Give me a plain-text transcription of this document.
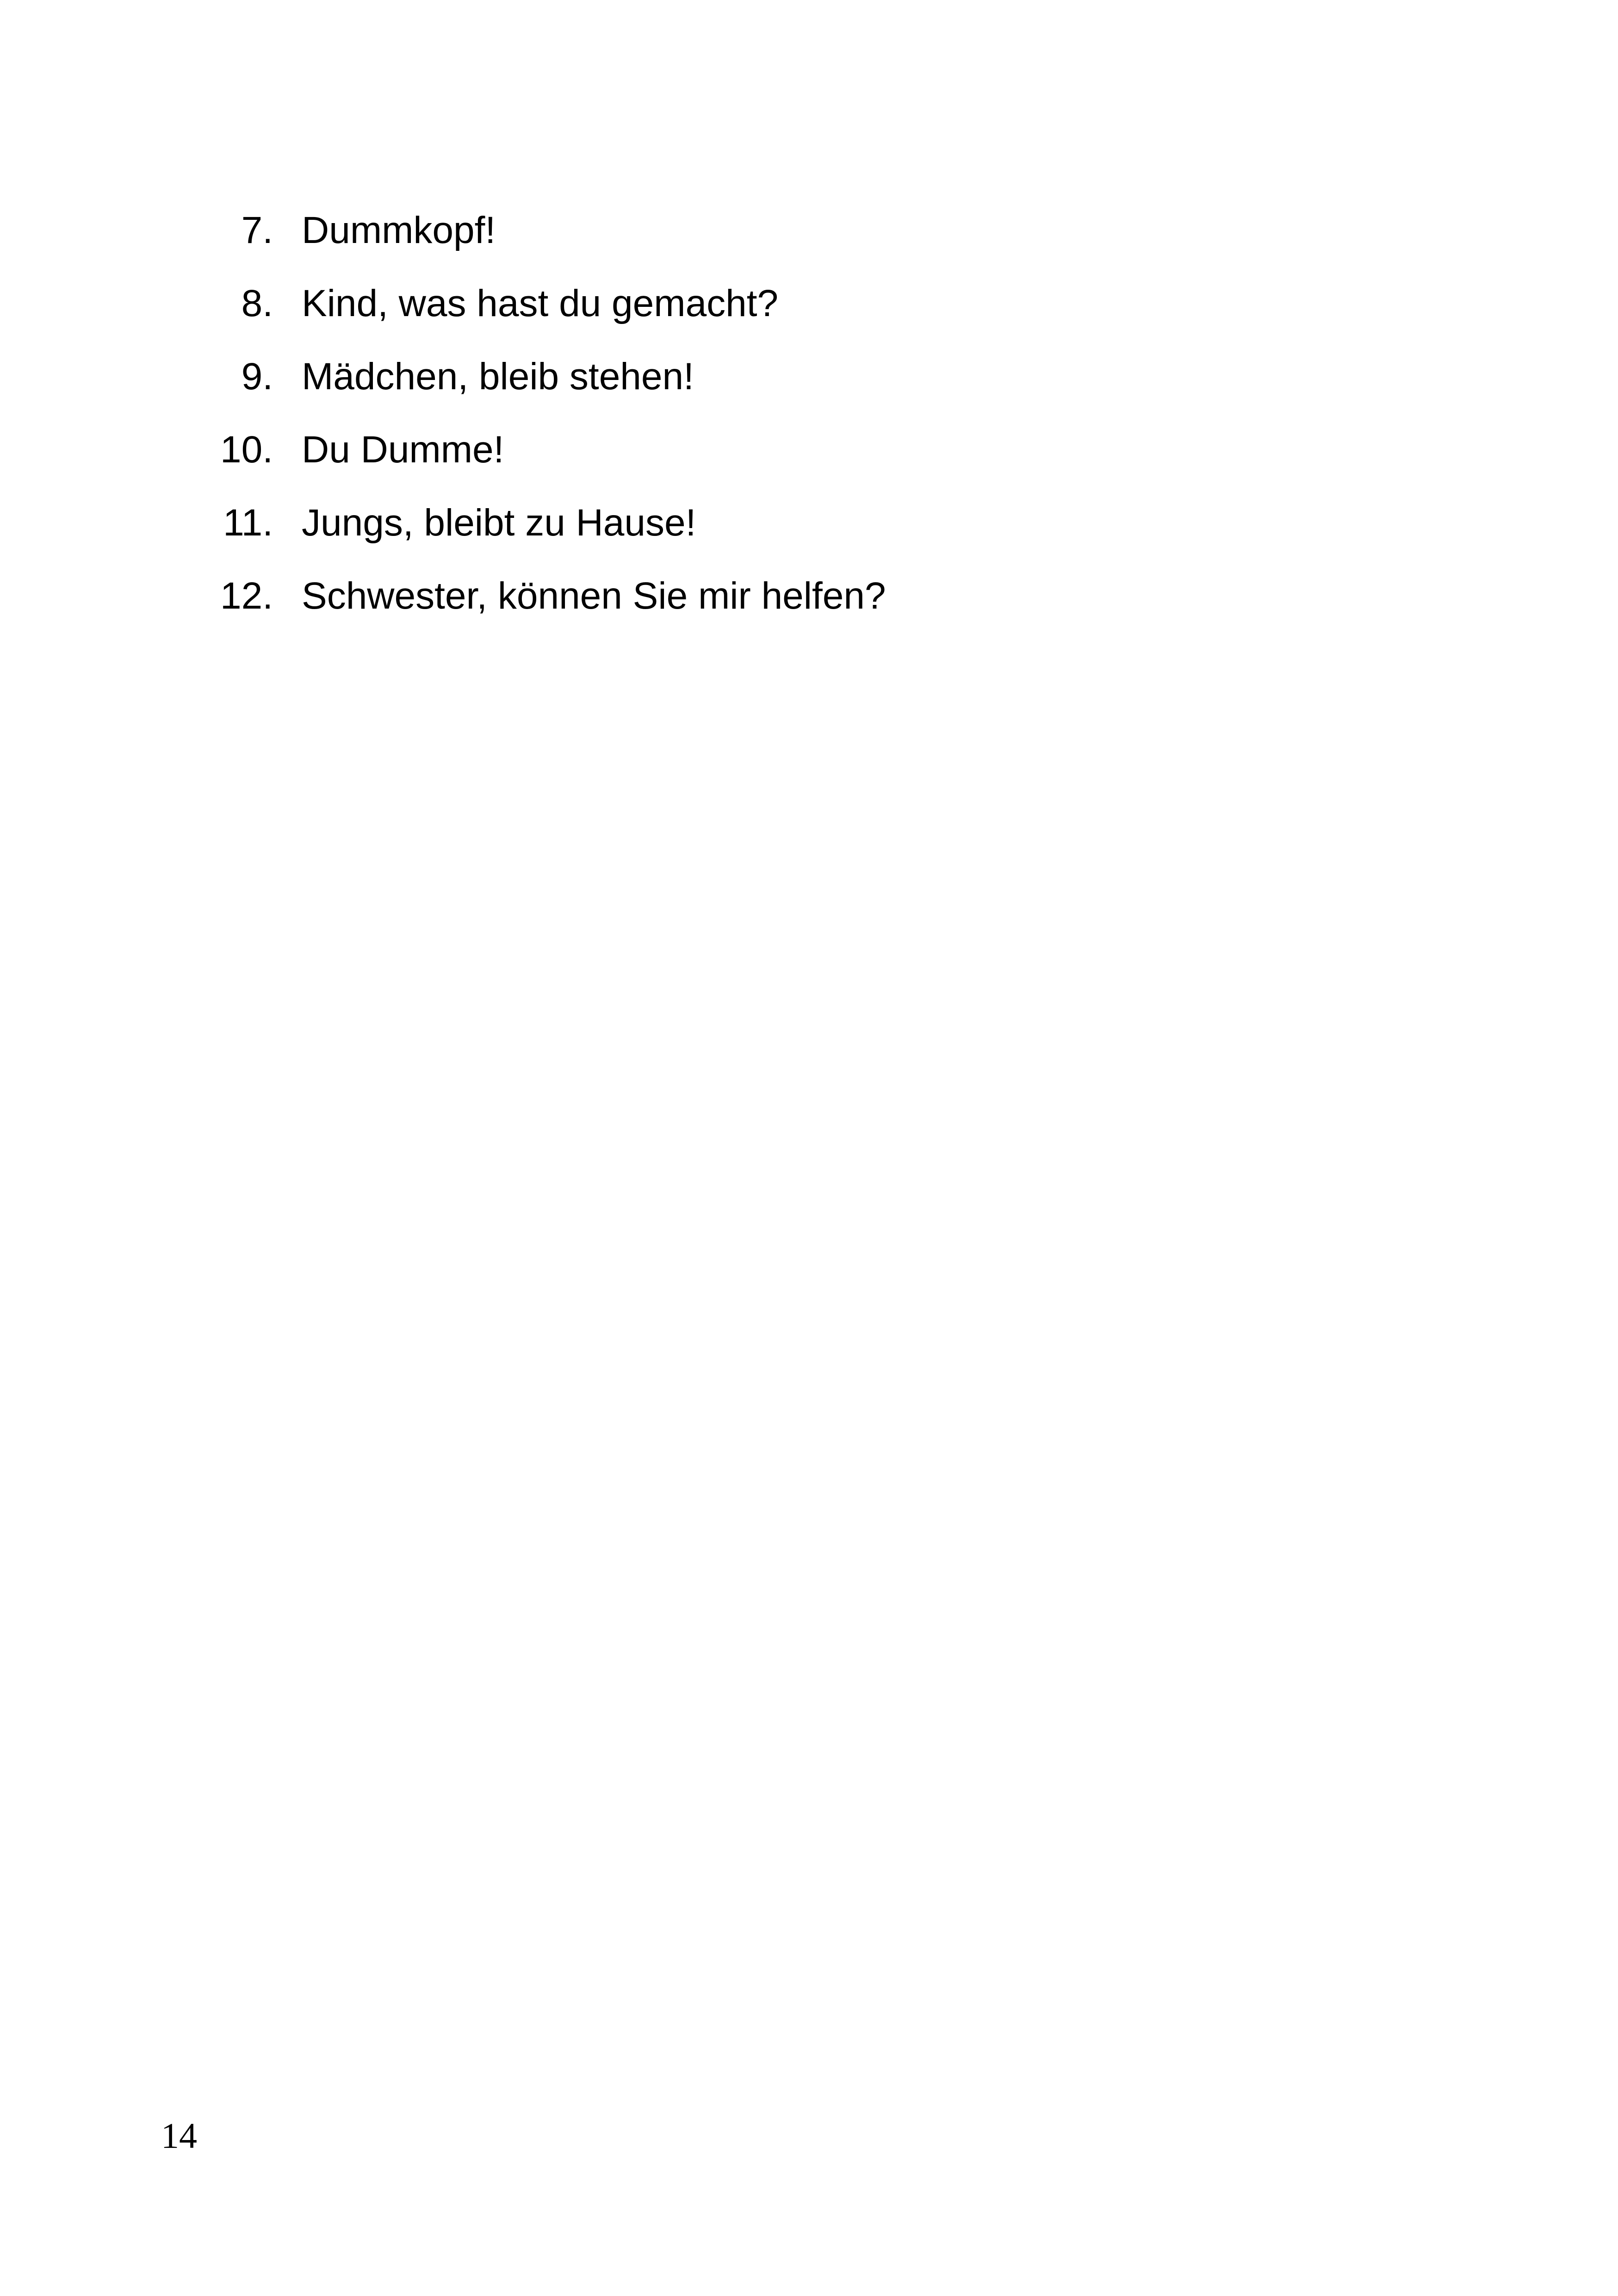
7. Dummkopf!
8. Kind, was hast du gemacht?
9. Mädchen, bleib stehen!
10. Du Dumme!
11. Jungs, bleibt zu Hause!
12. Schwester, können Sie mir helfen?
14
